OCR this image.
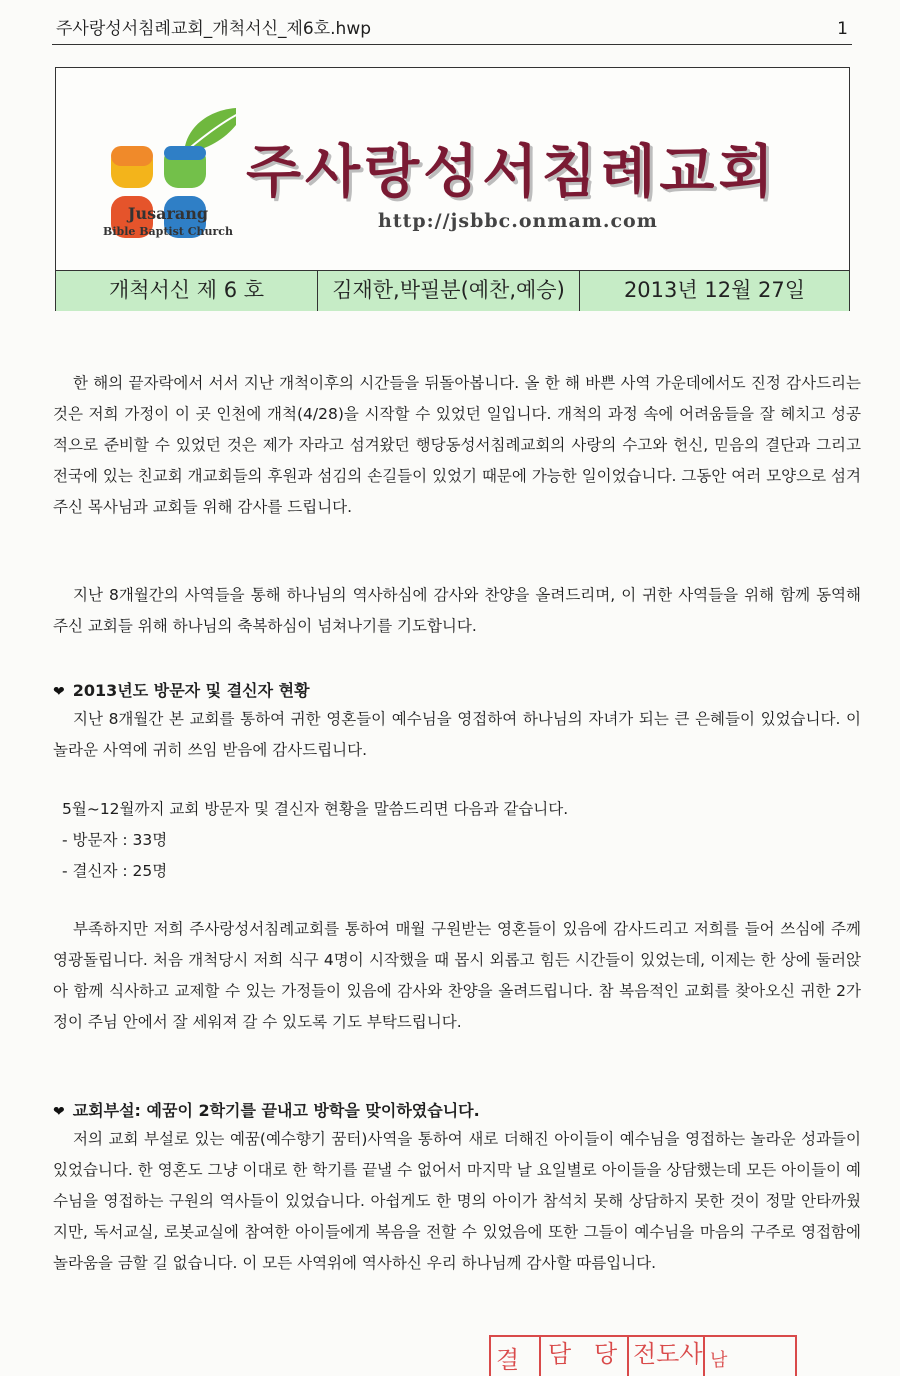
주사랑성서침례교회_개척서신_제6호.hwp	1
Jusarang
Bible Baptist Church
주사랑성서침례교회
http://jsbbc.onmam.com
개척서신 제 6 호	김재한,박필분(예찬,예승)	2013년 12월 27일

한 해의 끝자락에서 서서 지난 개척이후의 시간들을 뒤돌아봅니다. 올 한 해 바쁜 사역 가운데에서도 진정 감사드리는 것은 저희 가정이 이 곳 인천에 개척(4/28)을 시작할 수 있었던 일입니다. 개척의 과정 속에 어려움들을 잘 헤치고 성공적으로 준비할 수 있었던 것은 제가 자라고 섬겨왔던 행당동성서침례교회의 사랑의 수고와 헌신, 믿음의 결단과 그리고 전국에 있는 친교회 개교회들의 후원과 섬김의 손길들이 있었기 때문에 가능한 일이었습니다. 그동안 여러 모양으로 섬겨주신 목사님과 교회들 위해 감사를 드립니다.

지난 8개월간의 사역들을 통해 하나님의 역사하심에 감사와 찬양을 올려드리며, 이 귀한 사역들을 위해 함께 동역해 주신 교회들 위해 하나님의 축복하심이 넘쳐나기를 기도합니다.

❤ 2013년도 방문자 및 결신자 현황

지난 8개월간 본 교회를 통하여 귀한 영혼들이 예수님을 영접하여 하나님의 자녀가 되는 큰 은혜들이 있었습니다. 이 놀라운 사역에 귀히 쓰임 받음에 감사드립니다.

5월~12월까지 교회 방문자 및 결신자 현황을 말씀드리면 다음과 같습니다.
- 방문자 : 33명
- 결신자 : 25명

부족하지만 저희 주사랑성서침례교회를 통하여 매월 구원받는 영혼들이 있음에 감사드리고 저희를 들어 쓰심에 주께 영광돌립니다. 처음 개척당시 저희 식구 4명이 시작했을 때 몹시 외롭고 힘든 시간들이 있었는데, 이제는 한 상에 둘러앉아 함께 식사하고 교제할 수 있는 가정들이 있음에 감사와 찬양을 올려드립니다. 참 복음적인 교회를 찾아오신 귀한 2가정이 주님 안에서 잘 세워져 갈 수 있도록 기도 부탁드립니다.

❤ 교회부설: 예꿈이 2학기를 끝내고 방학을 맞이하였습니다.

저의 교회 부설로 있는 예꿈(예수향기 꿈터)사역을 통하여 새로 더해진 아이들이 예수님을 영접하는 놀라운 성과들이 있었습니다. 한 영혼도 그냥 이대로 한 학기를 끝낼 수 없어서 마지막 날 요일별로 아이들을 상담했는데 모든 아이들이 예수님을 영접하는 구원의 역사들이 있었습니다. 아쉽게도 한 명의 아이가 참석치 못해 상담하지 못한 것이 정말 안타까웠지만, 독서교실, 로봇교실에 참여한 아이들에게 복음을 전할 수 있었음에 또한 그들이 예수님을 마음의 구주로 영접함에 놀라움을 금할 길 없습니다. 이 모든 사역위에 역사하신 우리 하나님께 감사할 따름입니다.

결 담 당 전도사 남
